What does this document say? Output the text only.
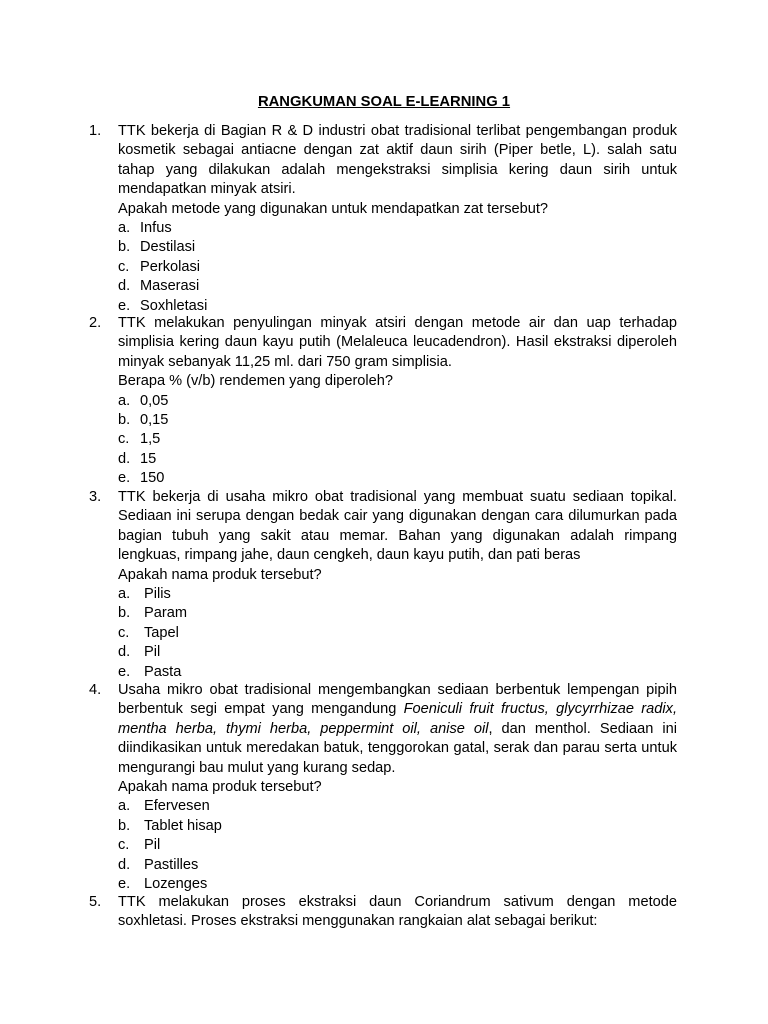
RANGKUMAN SOAL E-LEARNING 1
1.	TTK bekerja di Bagian R & D industri obat tradisional terlibat pengembangan produk kosmetik sebagai antiacne dengan zat aktif daun sirih (Piper betle, L). salah satu tahap yang dilakukan adalah mengekstraksi simplisia kering daun sirih untuk mendapatkan minyak atsiri.

Apakah metode yang digunakan untuk mendapatkan zat tersebut?

a. Infus
b. Destilasi
c. Perkolasi
d. Maserasi
e. Soxhletasi
2.	TTK melakukan penyulingan minyak atsiri dengan metode air dan uap terhadap simplisia kering daun kayu putih (Melaleuca leucadendron). Hasil ekstraksi diperoleh minyak sebanyak 11,25 ml. dari 750 gram simplisia.

Berapa % (v/b) rendemen yang diperoleh?

a. 0,05
b. 0,15
c. 1,5
d. 15
e. 150
3.	TTK bekerja di usaha mikro obat tradisional yang membuat suatu sediaan topikal. Sediaan ini serupa dengan bedak cair yang digunakan dengan cara dilumurkan pada bagian tubuh yang sakit atau memar. Bahan yang digunakan adalah rimpang lengkuas, rimpang jahe, daun cengkeh, daun kayu putih, dan pati beras

Apakah nama produk tersebut?

a. Pilis
b. Param
c. Tapel
d. Pil
e. Pasta
4.	Usaha mikro obat tradisional mengembangkan sediaan berbentuk lempengan pipih berbentuk segi empat yang mengandung Foeniculi fruit fructus, glycyrrhizae radix, mentha herba, thymi herba, peppermint oil, anise oil, dan menthol. Sediaan ini diindikasikan untuk meredakan batuk, tenggorokan gatal, serak dan parau serta untuk mengurangi bau mulut yang kurang sedap.

Apakah nama produk tersebut?

a. Efervesen
b. Tablet hisap
c. Pil
d. Pastilles
e. Lozenges
5.	TTK melakukan proses ekstraksi daun Coriandrum sativum dengan metode soxhletasi. Proses ekstraksi menggunakan rangkaian alat sebagai berikut:
